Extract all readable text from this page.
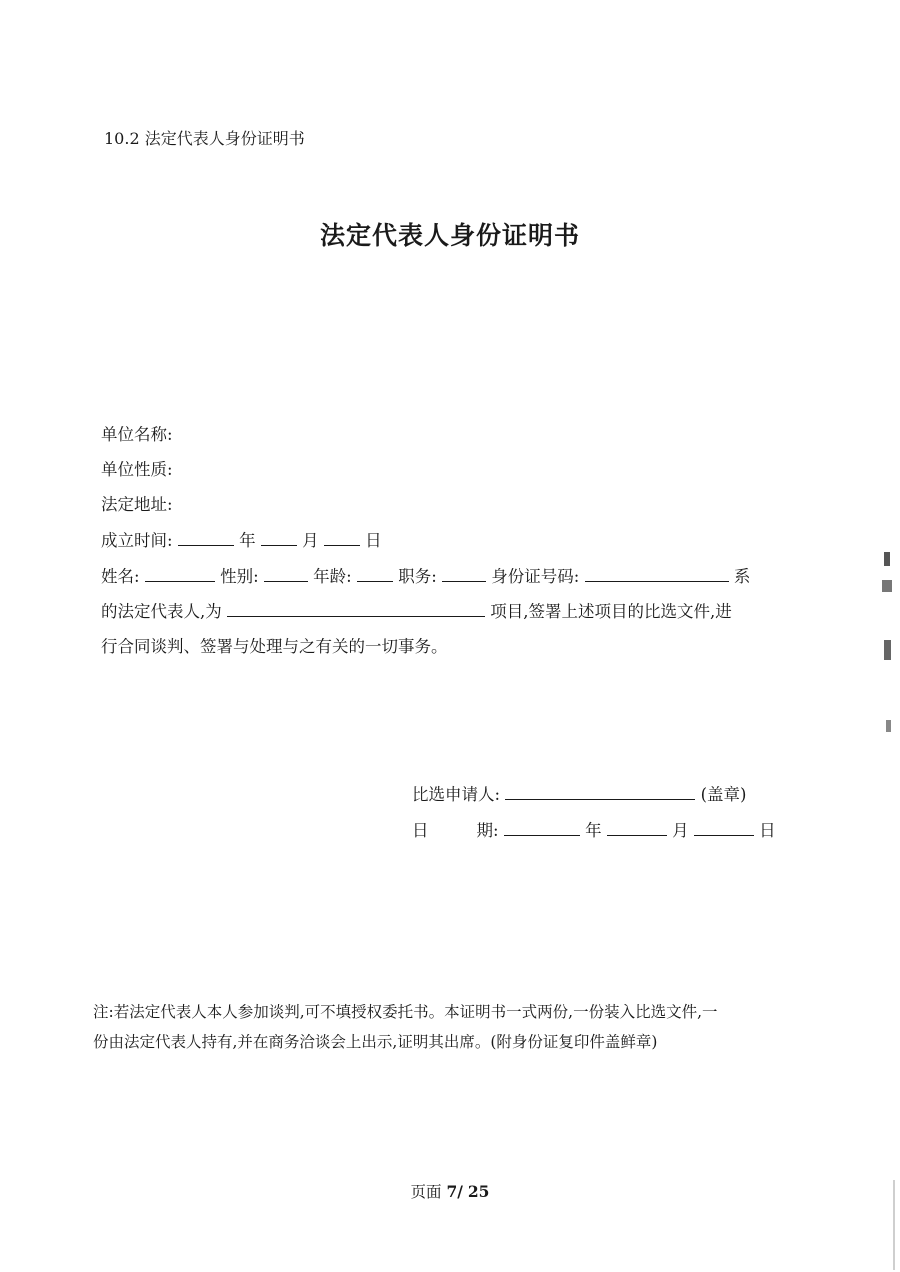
10.2 法定代表人身份证明书
法定代表人身份证明书
单位名称:
单位性质:
法定地址:
成立时间:	年	月	日
姓名:	性别:	年龄:	职务:	身份证号码:	系
的法定代表人,为	项目,签署上述项目的比选文件,进
行合同谈判、签署与处理与之有关的一切事务。
比选申请人:	(盖章)
日	期:	年	月	日
注:若法定代表人本人参加谈判,可不填授权委托书。本证明书一式两份,一份装入比选文件,一
份由法定代表人持有,并在商务洽谈会上出示,证明其出席。(附身份证复印件盖鲜章)
页面 7/ 25
